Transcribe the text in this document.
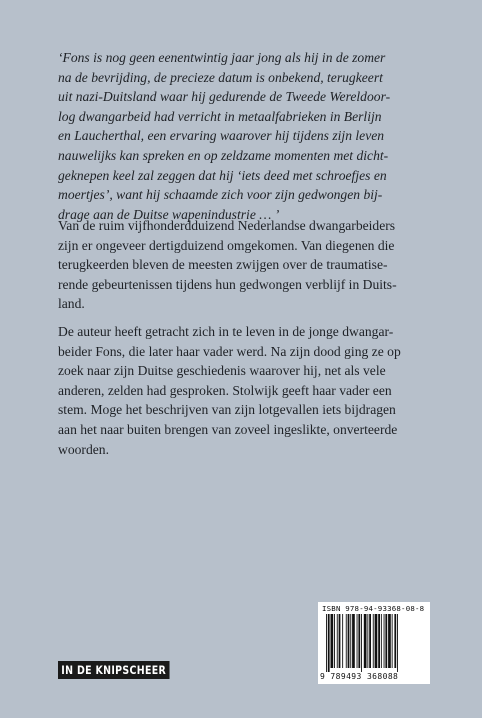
‘Fons is nog geen eenentwintig jaar jong als hij in de zomer
na de bevrijding, de precieze datum is onbekend, terugkeert
uit nazi-Duitsland waar hij gedurende de Tweede Wereldoor-
log dwangarbeid had verricht in metaalfabrieken in Berlijn
en Laucherthal, een ervaring waarover hij tijdens zijn leven
nauwelijks kan spreken en op zeldzame momenten met dicht-
geknepen keel zal zeggen dat hij ‘iets deed met schroefjes en
moertjes’, want hij schaamde zich voor zijn gedwongen bij-
drage aan de Duitse wapenindustrie … ’

Van de ruim vijfhonderdduizend Nederlandse dwangarbeiders
zijn er ongeveer dertigduizend omgekomen. Van diegenen die
terugkeerden bleven de meesten zwijgen over de traumatise-
rende gebeurtenissen tijdens hun gedwongen verblijf in Duits-
land.

De auteur heeft getracht zich in te leven in de jonge dwangar-
beider Fons, die later haar vader werd. Na zijn dood ging ze op
zoek naar zijn Duitse geschiedenis waarover hij, net als vele
anderen, zelden had gesproken. Stolwijk geeft haar vader een
stem. Moge het beschrijven van zijn lotgevallen iets bijdragen
aan het naar buiten brengen van zoveel ingeslikte, onverteerde
woorden.

IN DE KNIPSCHEER
ISBN 978-94-93368-08-8
9 789493 368088
